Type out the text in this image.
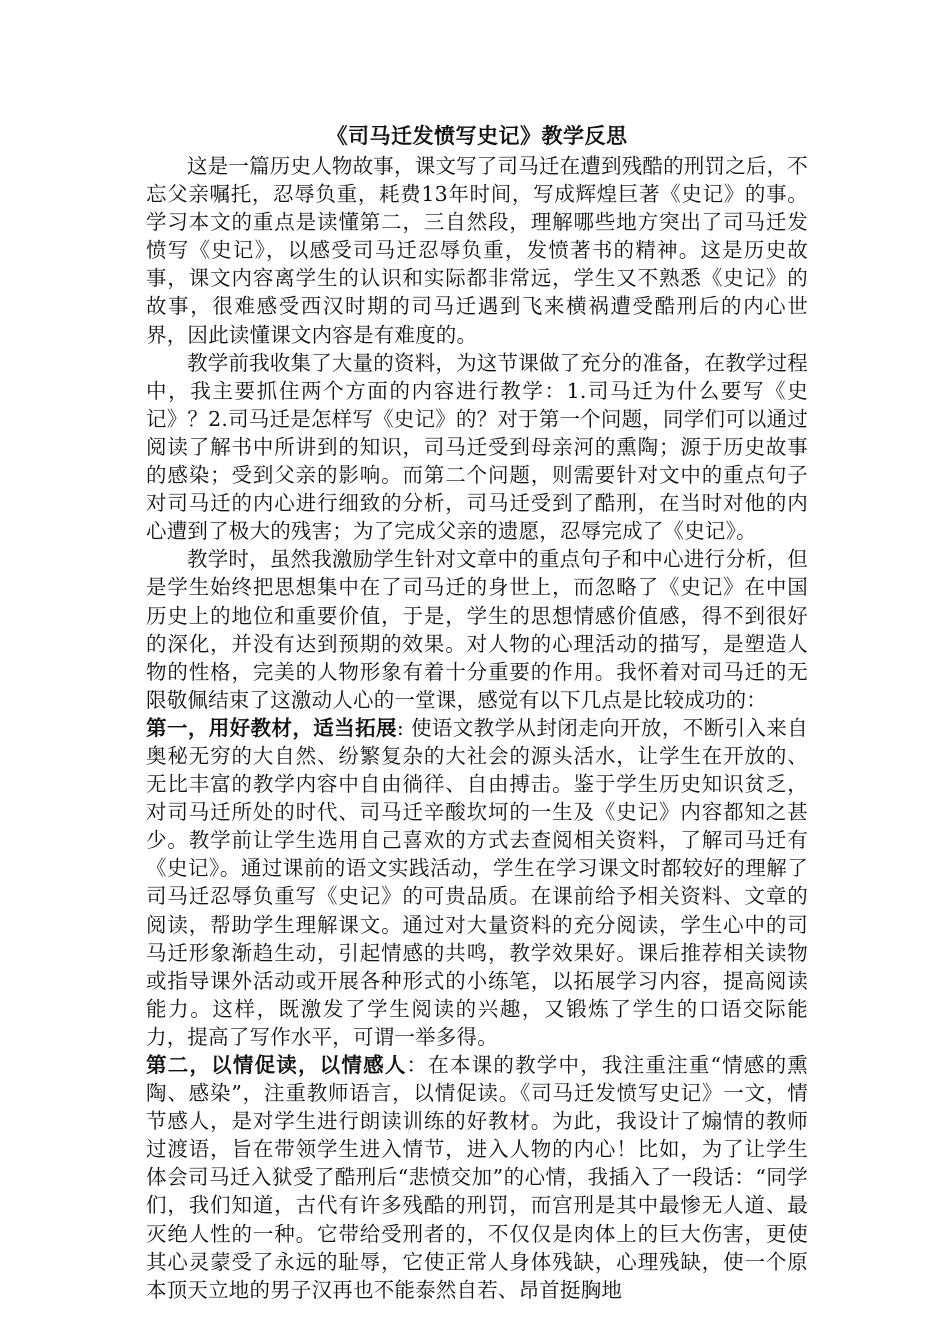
《司马迁发愤写史记》教学反思

这是一篇历史人物故事，课文写了司马迁在遭到残酷的刑罚之后，不忘父亲嘱托，忍辱负重，耗费13年时间，写成辉煌巨著《史记》的事。学习本文的重点是读懂第二，三自然段，理解哪些地方突出了司马迁发愤写《史记》，以感受司马迁忍辱负重，发愤著书的精神。这是历史故事，课文内容离学生的认识和实际都非常远，学生又不熟悉《史记》的故事，很难感受西汉时期的司马迁遇到飞来横祸遭受酷刑后的内心世界，因此读懂课文内容是有难度的。

教学前我收集了大量的资料，为这节课做了充分的准备，在教学过程中，我主要抓住两个方面的内容进行教学：1.司马迁为什么要写《史记》？2.司马迁是怎样写《史记》的？对于第一个问题，同学们可以通过阅读了解书中所讲到的知识，司马迁受到母亲河的熏陶；源于历史故事的感染；受到父亲的影响。而第二个问题，则需要针对文中的重点句子对司马迁的内心进行细致的分析，司马迁受到了酷刑，在当时对他的内心遭到了极大的残害；为了完成父亲的遗愿，忍辱完成了《史记》。

教学时，虽然我激励学生针对文章中的重点句子和中心进行分析，但是学生始终把思想集中在了司马迁的身世上，而忽略了《史记》在中国历史上的地位和重要价值，于是，学生的思想情感价值感，得不到很好的深化，并没有达到预期的效果。对人物的心理活动的描写，是塑造人物的性格，完美的人物形象有着十分重要的作用。我怀着对司马迁的无限敬佩结束了这激动人心的一堂课，感觉有以下几点是比较成功的：

第一，用好教材，适当拓展: 使语文教学从封闭走向开放，不断引入来自奥秘无穷的大自然、纷繁复杂的大社会的源头活水，让学生在开放的、无比丰富的教学内容中自由徜徉、自由搏击。鉴于学生历史知识贫乏，对司马迁所处的时代、司马迁辛酸坎坷的一生及《史记》内容都知之甚少。教学前让学生选用自己喜欢的方式去查阅相关资料，了解司马迁有《史记》。通过课前的语文实践活动，学生在学习课文时都较好的理解了司马迁忍辱负重写《史记》的可贵品质。在课前给予相关资料、文章的阅读，帮助学生理解课文。通过对大量资料的充分阅读，学生心中的司马迁形象渐趋生动，引起情感的共鸣，教学效果好。课后推荐相关读物或指导课外活动或开展各种形式的小练笔，以拓展学习内容，提高阅读能力。这样，既激发了学生阅读的兴趣，又锻炼了学生的口语交际能力，提高了写作水平，可谓一举多得。

第二，以情促读，以情感人：在本课的教学中，我注重注重“情感的熏陶、感染”，注重教师语言，以情促读。《司马迁发愤写史记》一文，情节感人，是对学生进行朗读训练的好教材。为此，我设计了煽情的教师过渡语，旨在带领学生进入情节，进入人物的内心！比如，为了让学生体会司马迁入狱受了酷刑后“悲愤交加”的心情，我插入了一段话：“同学们，我们知道，古代有许多残酷的刑罚，而宫刑是其中最惨无人道、最灭绝人性的一种。它带给受刑者的，不仅仅是肉体上的巨大伤害，更使其心灵蒙受了永远的耻辱，它使正常人身体残缺，心理残缺，使一个原本顶天立地的男子汉再也不能泰然自若、昂首挺胸地
